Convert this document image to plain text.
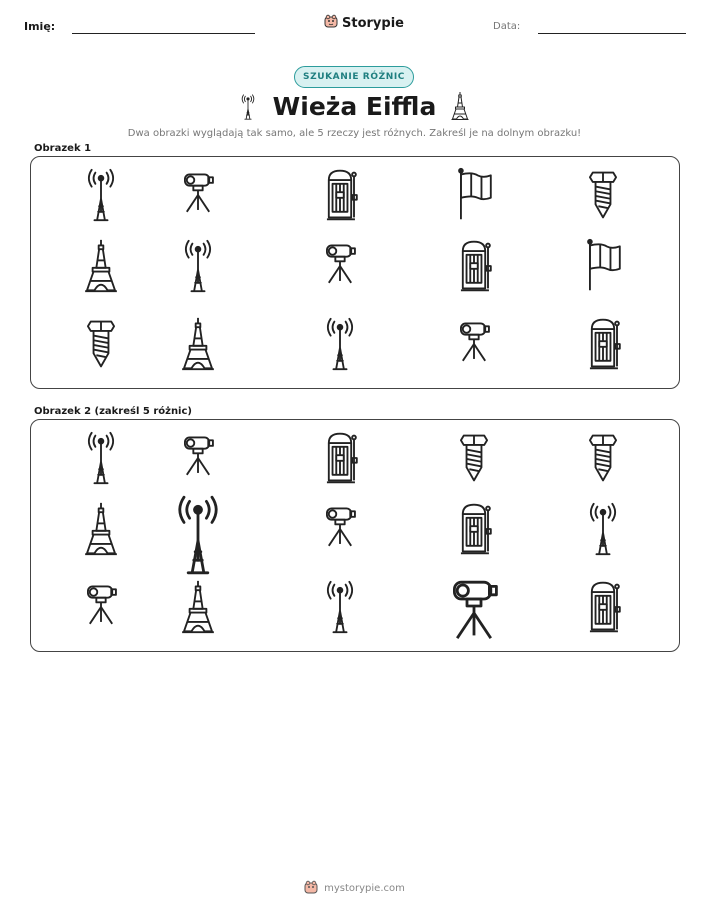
Imię:	Storypie	Data:
SZUKANIE RÓŻNIC
Wieża Eiffla
Dwa obrazki wyglądają tak samo, ale 5 rzeczy jest różnych. Zakreśl je na dolnym obrazku!
Obrazek 1
Obrazek 2 (zakreśl 5 różnic)
mystorypie.com
